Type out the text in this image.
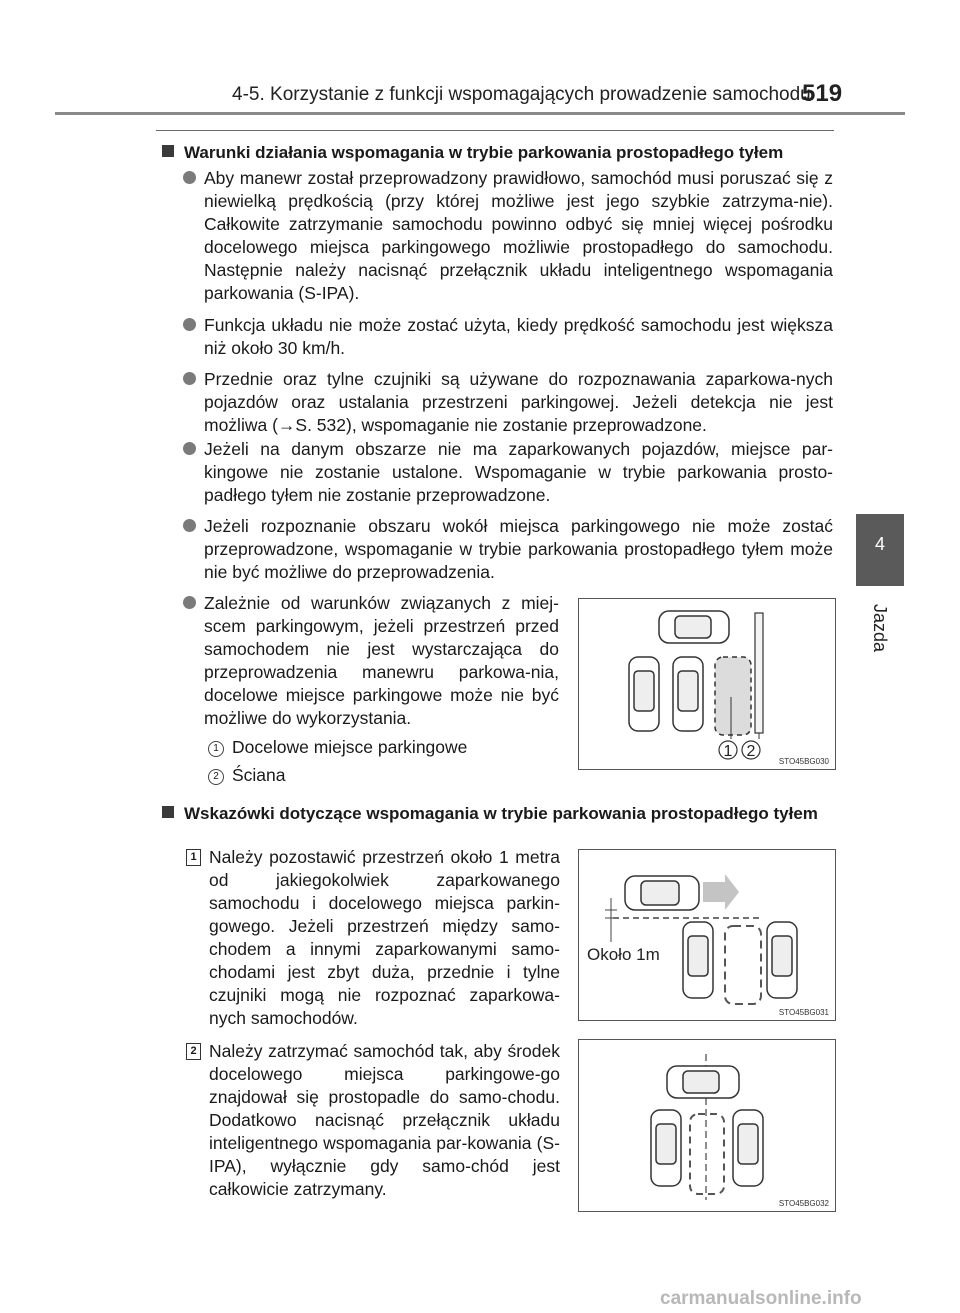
4-5. Korzystanie z funkcji wspomagających prowadzenie samochodu
519
4
Jazda
Warunki działania wspomagania w trybie parkowania prostopadłego tyłem
Aby manewr został przeprowadzony prawidłowo, samochód musi poruszać się z niewielką prędkością (przy której możliwe jest jego szybkie zatrzyma-nie). Całkowite zatrzymanie samochodu powinno odbyć się mniej więcej pośrodku docelowego miejsca parkingowego możliwie prostopadłego do samochodu. Następnie należy nacisnąć przełącznik układu inteligentnego wspomagania parkowania (S-IPA).
Funkcja układu nie może zostać użyta, kiedy prędkość samochodu jest większa niż około 30 km/h.
Przednie oraz tylne czujniki są używane do rozpoznawania zaparkowa-nych pojazdów oraz ustalania przestrzeni parkingowej. Jeżeli detekcja nie jest możliwa (→S. 532), wspomaganie nie zostanie przeprowadzone.
Jeżeli na danym obszarze nie ma zaparkowanych pojazdów, miejsce par-kingowe nie zostanie ustalone. Wspomaganie w trybie parkowania prosto-padłego tyłem nie zostanie przeprowadzone.
Jeżeli rozpoznanie obszaru wokół miejsca parkingowego nie może zostać przeprowadzone, wspomaganie w trybie parkowania prostopadłego tyłem może nie być możliwe do przeprowadzenia.
Zależnie od warunków związanych z miej-scem parkingowym, jeżeli przestrzeń przed samochodem nie jest wystarczająca do przeprowadzenia manewru parkowa-nia, docelowe miejsce parkingowe może nie być możliwe do wykorzystania.
1 Docelowe miejsce parkingowe
2 Ściana
1 2
STO45BG030
Wskazówki dotyczące wspomagania w trybie parkowania prostopadłego tyłem
1 Należy pozostawić przestrzeń około 1 metra od jakiegokolwiek zaparkowanego samochodu i docelowego miejsca parkin-gowego. Jeżeli przestrzeń między samo-chodem a innymi zaparkowanymi samo-chodami jest zbyt duża, przednie i tylne czujniki mogą nie rozpoznać zaparkowa-nych samochodów.
2 Należy zatrzymać samochód tak, aby środek docelowego miejsca parkingowe-go znajdował się prostopadle do samo-chodu. Dodatkowo nacisnąć przełącznik układu inteligentnego wspomagania par-kowania (S-IPA), wyłącznie gdy samo-chód jest całkowicie zatrzymany.
Około 1m
STO45BG031
STO45BG032
carmanualsonline.info
